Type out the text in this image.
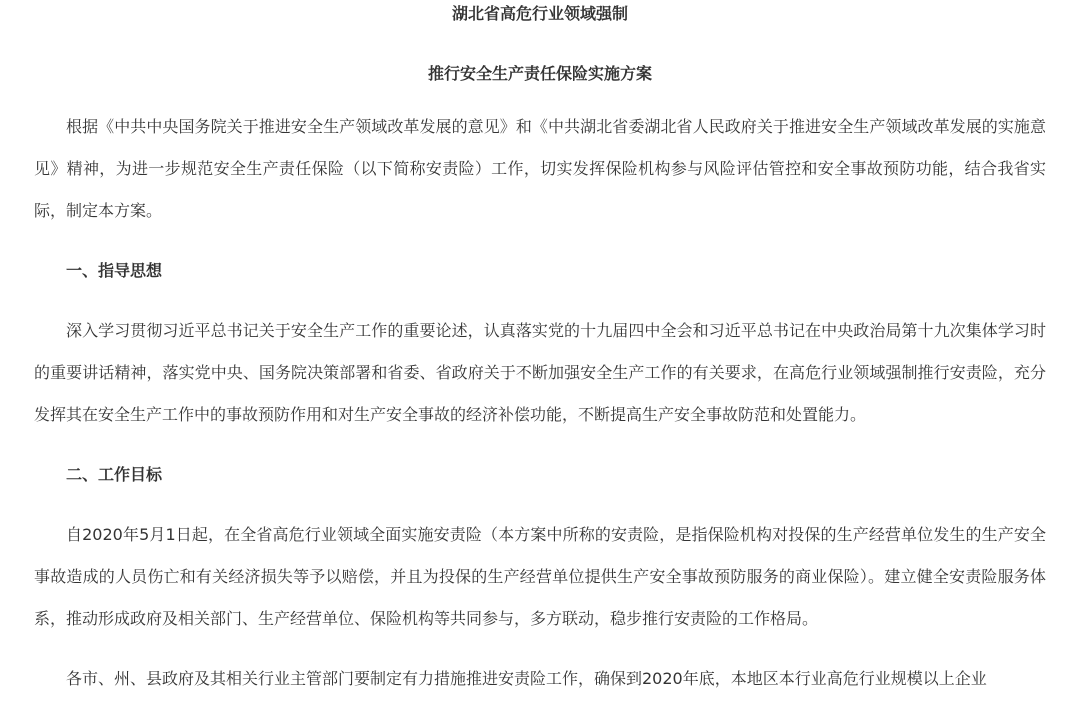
湖北省高危行业领域强制
推行安全生产责任保险实施方案

根据《中共中央国务院关于推进安全生产领域改革发展的意见》和《中共湖北省委湖北省人民政府关于推进安全生产领域改革发展的实施意见》精神，为进一步规范安全生产责任保险（以下简称安责险）工作，切实发挥保险机构参与风险评估管控和安全事故预防功能，结合我省实际，制定本方案。

一、指导思想

深入学习贯彻习近平总书记关于安全生产工作的重要论述，认真落实党的十九届四中全会和习近平总书记在中央政治局第十九次集体学习时的重要讲话精神，落实党中央、国务院决策部署和省委、省政府关于不断加强安全生产工作的有关要求，在高危行业领域强制推行安责险，充分发挥其在安全生产工作中的事故预防作用和对生产安全事故的经济补偿功能，不断提高生产安全事故防范和处置能力。

二、工作目标

自2020年5月1日起，在全省高危行业领域全面实施安责险（本方案中所称的安责险，是指保险机构对投保的生产经营单位发生的生产安全事故造成的人员伤亡和有关经济损失等予以赔偿，并且为投保的生产经营单位提供生产安全事故预防服务的商业保险）。建立健全安责险服务体系，推动形成政府及相关部门、生产经营单位、保险机构等共同参与，多方联动，稳步推行安责险的工作格局。

各市、州、县政府及其相关行业主管部门要制定有力措施推进安责险工作，确保到2020年底，本地区本行业高危行业规模以上企业
